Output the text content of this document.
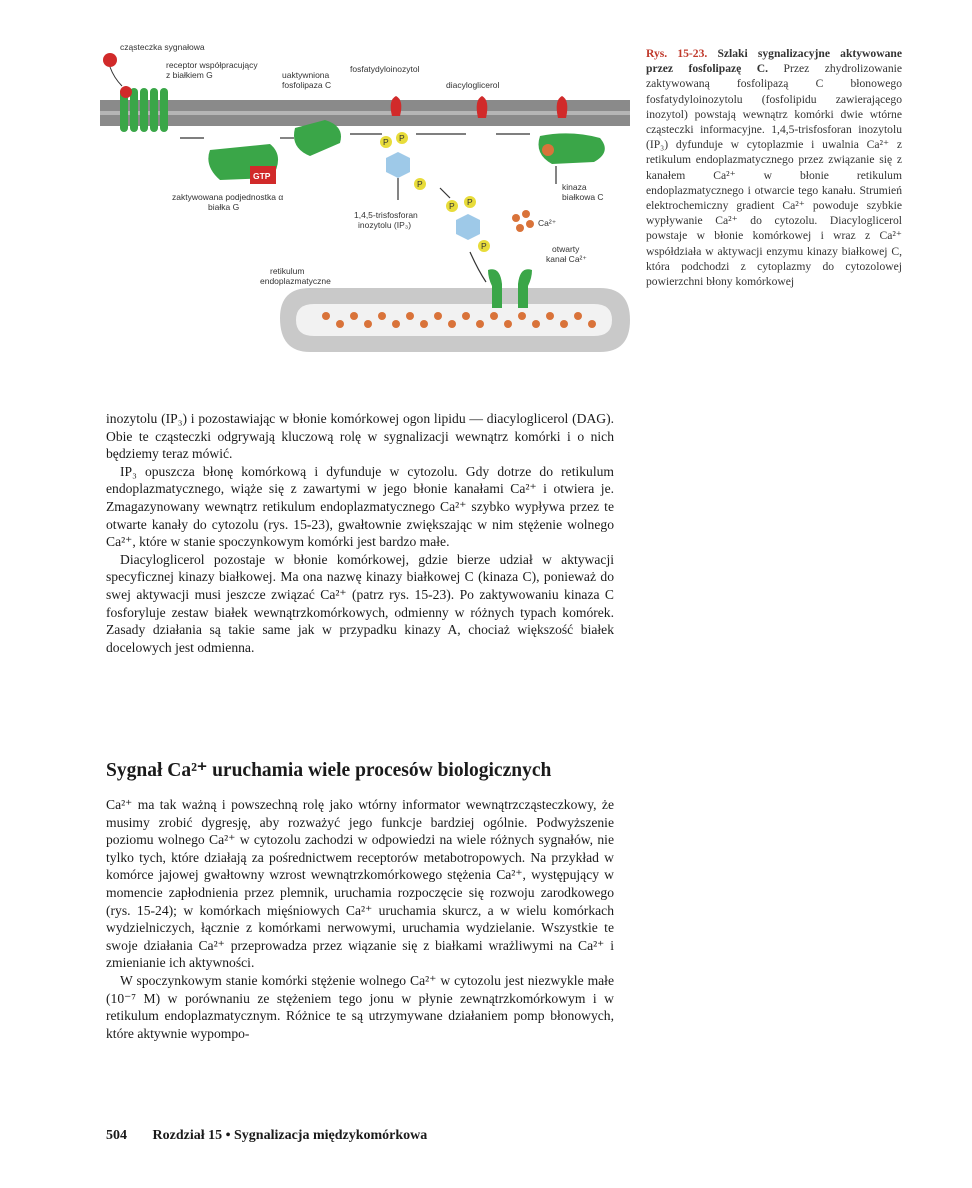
cząsteczka sygnałowa
receptor współpracujący
z białkiem G	uaktywniona
fosfolipaza C
GTP
zaktywowana podjednostka α
białka G
P P
P
fosfatydyloinozytol
diacyloglicerol
kinaza
białkowa C
P P
P
1,4,5-trisfosforan
inozytolu (IP₃)	Ca²⁺
retikulum
endoplazmatyczne
otwarty
kanał Ca²⁺
Rys. 15-23. Szlaki sygnalizacyjne aktywowane przez fosfolipazę C. Przez zhydrolizowanie zaktywowaną fosfolipazą C błonowego fosfatydyloinozytolu (fosfolipidu zawierającego inozytol) powstają wewnątrz komórki dwie wtórne cząsteczki informacyjne. 1,4,5-trisfosforan inozytolu (IP₃) dyfunduje w cytoplazmie i uwalnia Ca²⁺ z retikulum endoplazmatycznego przez związanie się z kanałem Ca²⁺ w błonie retikulum endoplazmatycznego i otwarcie tego kanału. Strumień elektrochemiczny gradient Ca²⁺ powoduje szybkie wypływanie Ca²⁺ do cytozolu. Diacyloglicerol powstaje w błonie komórkowej i wraz z Ca²⁺ współdziała w aktywacji enzymu kinazy białkowej C, która podchodzi z cytoplazmy do cytozolowej powierzchni błony komórkowej

inozytolu (IP₃) i pozostawiając w błonie komórkowej ogon lipidu — diacyloglicerol (DAG). Obie te cząsteczki odgrywają kluczową rolę w sygnalizacji wewnątrz komórki i o nich będziemy teraz mówić.

IP₃ opuszcza błonę komórkową i dyfunduje w cytozolu. Gdy dotrze do retikulum endoplazmatycznego, wiąże się z zawartymi w jego błonie kanałami Ca²⁺ i otwiera je. Zmagazynowany wewnątrz retikulum endoplazmatycznego Ca²⁺ szybko wypływa przez te otwarte kanały do cytozolu (rys. 15-23), gwałtownie zwiększając w nim stężenie wolnego Ca²⁺, które w stanie spoczynkowym komórki jest bardzo małe.

Diacyloglicerol pozostaje w błonie komórkowej, gdzie bierze udział w aktywacji specyficznej kinazy białkowej. Ma ona nazwę kinazy białkowej C (kinaza C), ponieważ do swej aktywacji musi jeszcze związać Ca²⁺ (patrz rys. 15-23). Po zaktywowaniu kinaza C fosforyluje zestaw białek wewnątrzkomórkowych, odmienny w różnych typach komórek. Zasady działania są takie same jak w przypadku kinazy A, chociaż większość białek docelowych jest odmienna.

Sygnał Ca²⁺ uruchamia wiele procesów biologicznych

Ca²⁺ ma tak ważną i powszechną rolę jako wtórny informator wewnątrzcząsteczkowy, że musimy zrobić dygresję, aby rozważyć jego funkcje bardziej ogólnie. Podwyższenie poziomu wolnego Ca²⁺ w cytozolu zachodzi w odpowiedzi na wiele różnych sygnałów, nie tylko tych, które działają za pośrednictwem receptorów metabotropowych. Na przykład w komórce jajowej gwałtowny wzrost wewnątrzkomórkowego stężenia Ca²⁺, występujący w momencie zapłodnienia przez plemnik, uruchamia rozpoczęcie się rozwoju zarodkowego (rys. 15-24); w komórkach mięśniowych Ca²⁺ uruchamia skurcz, a w wielu komórkach wydzielniczych, łącznie z komórkami nerwowymi, uruchamia wydzielanie. Wszystkie te swoje działania Ca²⁺ przeprowadza przez wiązanie się z białkami wrażliwymi na Ca²⁺ i zmienianie ich aktywności.

W spoczynkowym stanie komórki stężenie wolnego Ca²⁺ w cytozolu jest niezwykle małe (10⁻⁷ M) w porównaniu ze stężeniem tego jonu w płynie zewnątrzkomórkowym i w retikulum endoplazmatycznym. Różnice te są utrzymywane działaniem pomp błonowych, które aktywnie wypompo-

504 Rozdział 15 • Sygnalizacja międzykomórkowa
